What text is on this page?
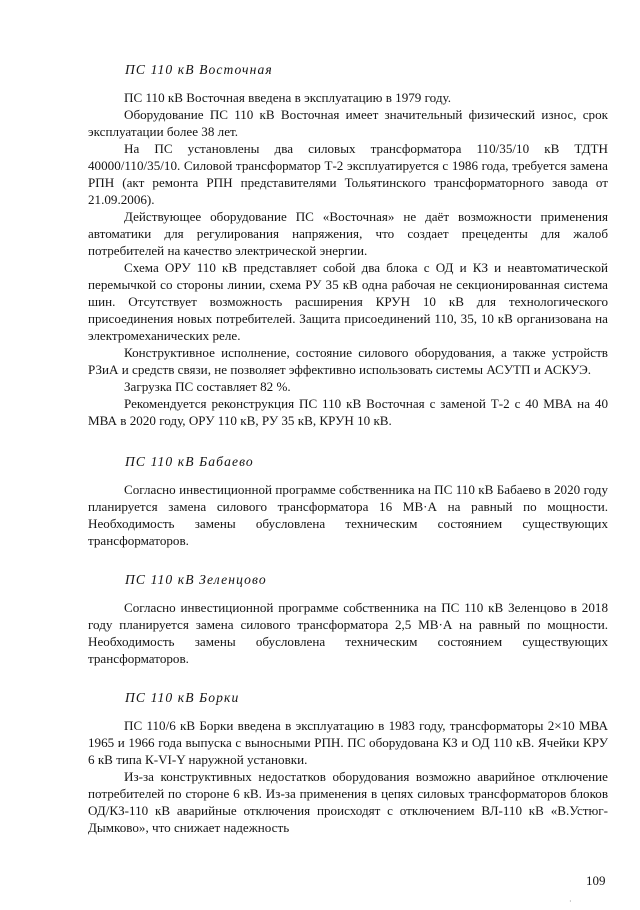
ПС 110 кВ Восточная

ПС 110 кВ Восточная введена в эксплуатацию в 1979 году.

Оборудование ПС 110 кВ Восточная имеет значительный физический износ, срок эксплуатации более 38 лет.

На ПС установлены два силовых трансформатора 110/35/10 кВ ТДТН 40000/110/35/10. Силовой трансформатор Т-2 эксплуатируется с 1986 года, требуется замена РПН (акт ремонта РПН представителями Тольятинского трансформаторного завода от 21.09.2006).

Действующее оборудование ПС «Восточная» не даёт возможности применения автоматики для регулирования напряжения, что создает прецеденты для жалоб потребителей на качество электрической энергии.

Схема ОРУ 110 кВ представляет собой два блока с ОД и КЗ и неавтоматической перемычкой со стороны линии, схема РУ 35 кВ одна рабочая не секционированная система шин. Отсутствует возможность расширения КРУН 10 кВ для технологического присоединения новых потребителей. Защита присоединений 110, 35, 10 кВ организована на электромеханических реле.

Конструктивное исполнение, состояние силового оборудования, а также устройств РЗиА и средств связи, не позволяет эффективно использовать системы АСУТП и АСКУЭ.

Загрузка ПС составляет 82 %.

Рекомендуется реконструкция ПС 110 кВ Восточная с заменой Т-2 с 40 МВА на 40 МВА в 2020 году, ОРУ 110 кВ, РУ 35 кВ, КРУН 10 кВ.

ПС 110 кВ Бабаево

Согласно инвестиционной программе собственника на ПС 110 кВ Бабаево в 2020 году планируется замена силового трансформатора 16 МВ·А на равный по мощности. Необходимость замены обусловлена техническим состоянием существующих трансформаторов.

ПС 110 кВ Зеленцово

Согласно инвестиционной программе собственника на ПС 110 кВ Зеленцово в 2018 году планируется замена силового трансформатора 2,5 МВ·А на равный по мощности. Необходимость замены обусловлена техническим состоянием существующих трансформаторов.

ПС 110 кВ Борки

ПС 110/6 кВ Борки введена в эксплуатацию в 1983 году, трансформаторы 2×10 МВА 1965 и 1966 года выпуска с выносными РПН. ПС оборудована КЗ и ОД 110 кВ. Ячейки КРУ 6 кВ типа К-VI-Y наружной установки.

Из-за конструктивных недостатков оборудования возможно аварийное отключение потребителей по стороне 6 кВ. Из-за применения в цепях силовых трансформаторов блоков ОД/КЗ-110 кВ аварийные отключения происходят с отключением ВЛ-110 кВ «В.Устюг-Дымково», что снижает надежность

109
·
